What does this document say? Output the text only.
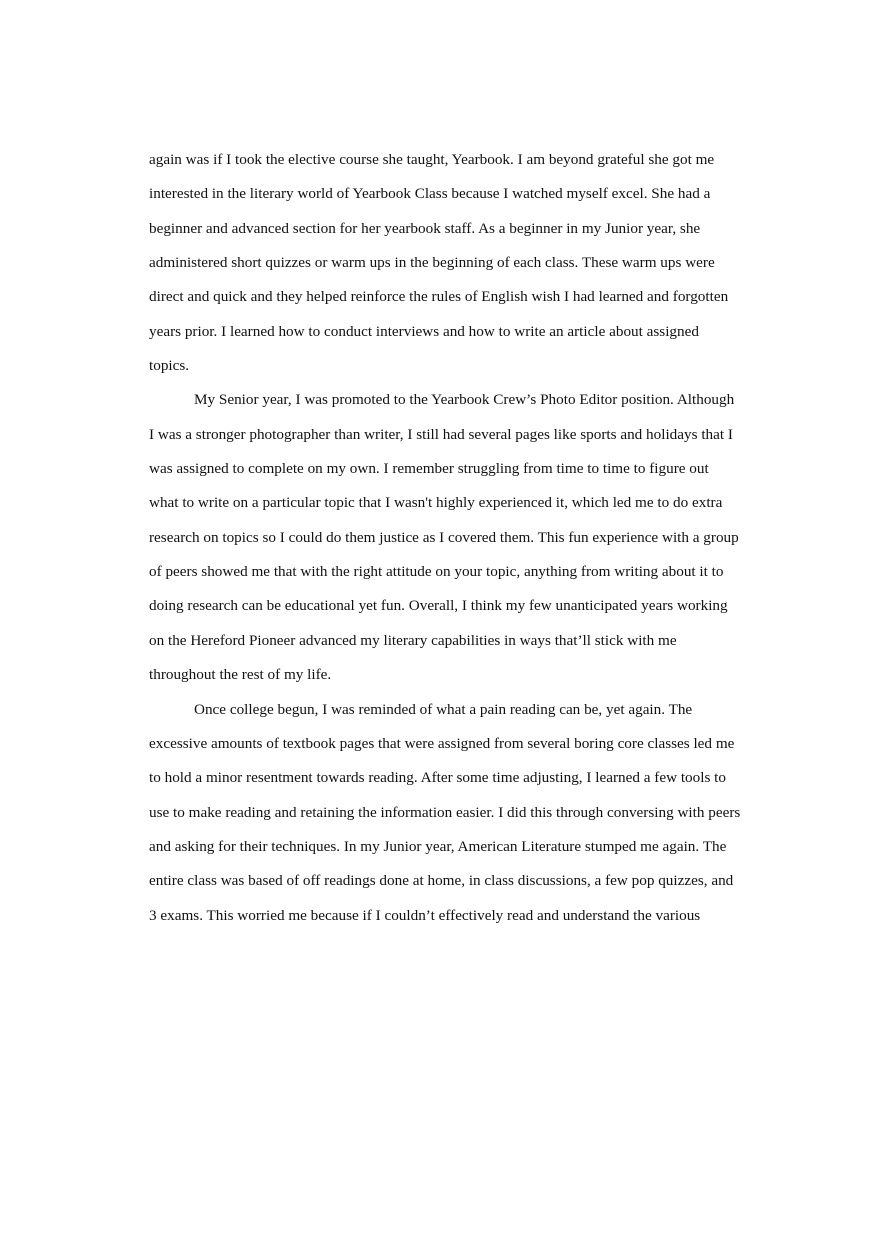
again was if I took the elective course she taught, Yearbook. I am beyond grateful she got me
interested in the literary world of Yearbook Class because I watched myself excel. She had a
beginner and advanced section for her yearbook staff. As a beginner in my Junior year, she
administered short quizzes or warm ups in the beginning of each class. These warm ups were
direct and quick and they helped reinforce the rules of English wish I had learned and forgotten
years prior. I learned how to conduct interviews and how to write an article about assigned
topics.
My Senior year, I was promoted to the Yearbook Crew’s Photo Editor position. Although
I was a stronger photographer than writer, I still had several pages like sports and holidays that I
was assigned to complete on my own. I remember struggling from time to time to figure out
what to write on a particular topic that I wasn't highly experienced it, which led me to do extra
research on topics so I could do them justice as I covered them. This fun experience with a group
of peers showed me that with the right attitude on your topic, anything from writing about it to
doing research can be educational yet fun. Overall, I think my few unanticipated years working
on the Hereford Pioneer advanced my literary capabilities in ways that’ll stick with me
throughout the rest of my life.
Once college begun, I was reminded of what a pain reading can be, yet again. The
excessive amounts of textbook pages that were assigned from several boring core classes led me
to hold a minor resentment towards reading. After some time adjusting, I learned a few tools to
use to make reading and retaining the information easier. I did this through conversing with peers
and asking for their techniques. In my Junior year, American Literature stumped me again. The
entire class was based of off readings done at home, in class discussions, a few pop quizzes, and
3 exams. This worried me because if I couldn’t effectively read and understand the various
